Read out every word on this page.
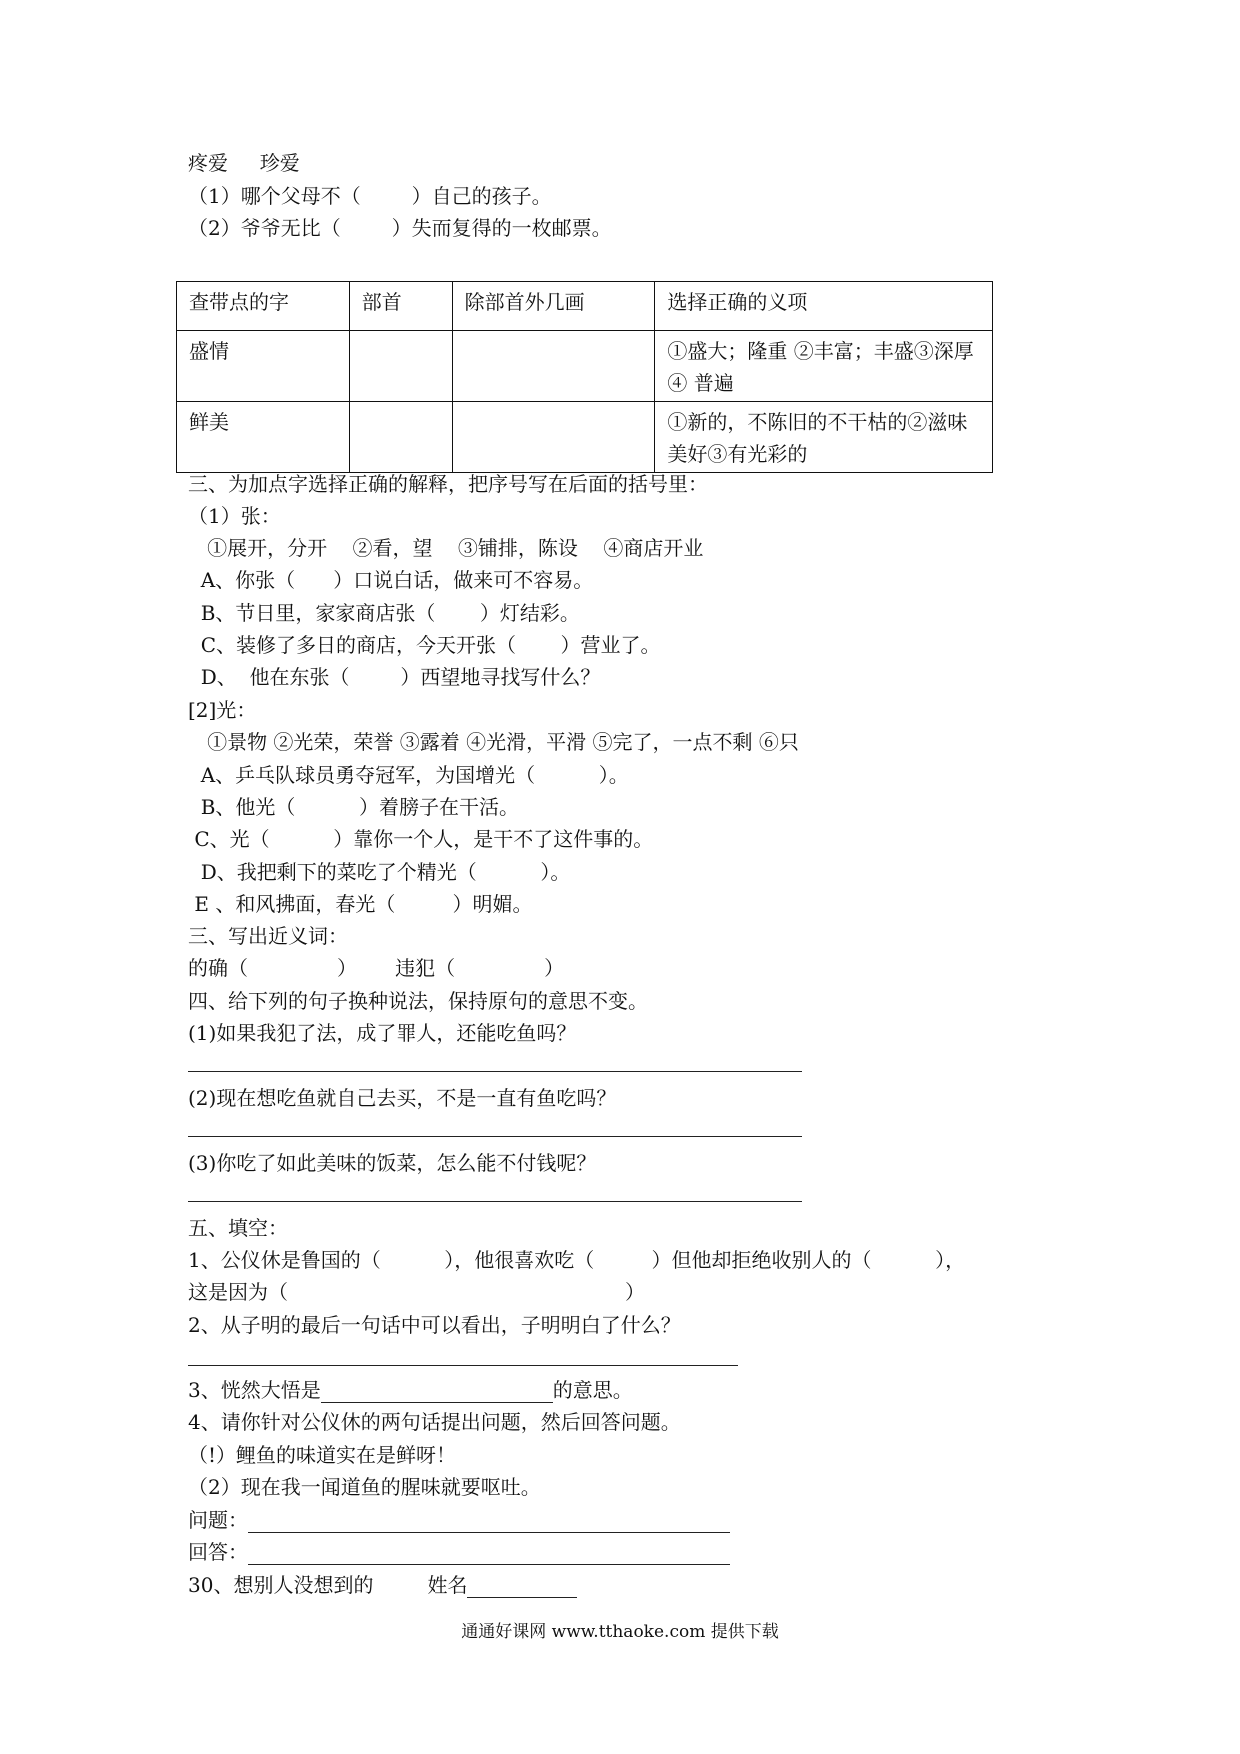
疼爱     珍爱
（1）哪个父母不（        ）自己的孩子。
（2）爷爷无比（        ）失而复得的一枚邮票。
查带点的字	部首	除部首外几画	选择正确的义项
盛情			①盛大；隆重 ②丰富；丰盛③深厚 ④ 普遍
鲜美			①新的，不陈旧的不干枯的②滋味美好③有光彩的
三、为加点字选择正确的解释，把序号写在后面的括号里：
（1）张：
①展开，分开    ②看，望    ③铺排，陈设    ④商店开业
A、你张（      ）口说白话，做来可不容易。
B、节日里，家家商店张（       ）灯结彩。
C、装修了多日的商店，今天开张（       ）营业了。
D、  他在东张（        ）西望地寻找写什么？
[2]光：
①景物 ②光荣，荣誉 ③露着 ④光滑，平滑 ⑤完了，一点不剩 ⑥只
A、乒乓队球员勇夺冠军，为国增光（          ）。
B、他光（          ）着膀子在干活。
C、光（          ）靠你一个人，是干不了这件事的。
D、我把剩下的菜吃了个精光（          ）。
E 、和风拂面，春光（         ）明媚。
三、写出近义词：
的确（              ）      违犯（              ）
四、给下列的句子换种说法，保持原句的意思不变。
(1)如果我犯了法，成了罪人，还能吃鱼吗？
(2)现在想吃鱼就自己去买，不是一直有鱼吃吗？
(3)你吃了如此美味的饭菜，怎么能不付钱呢？
五、填空：
1、公仪休是鲁国的（          ），他很喜欢吃（         ）但他却拒绝收别人的（          ），
这是因为（                                                     ）
2、从子明的最后一句话中可以看出，子明明白了什么？
3、恍然大悟是	的意思。
4、请你针对公仪休的两句话提出问题，然后回答问题。
（!）鲤鱼的味道实在是鲜呀！
（2）现在我一闻道鱼的腥味就要呕吐。
问题：
回答：
30、想别人没想到的	姓名
通通好课网 www.tthaoke.com 提供下载
